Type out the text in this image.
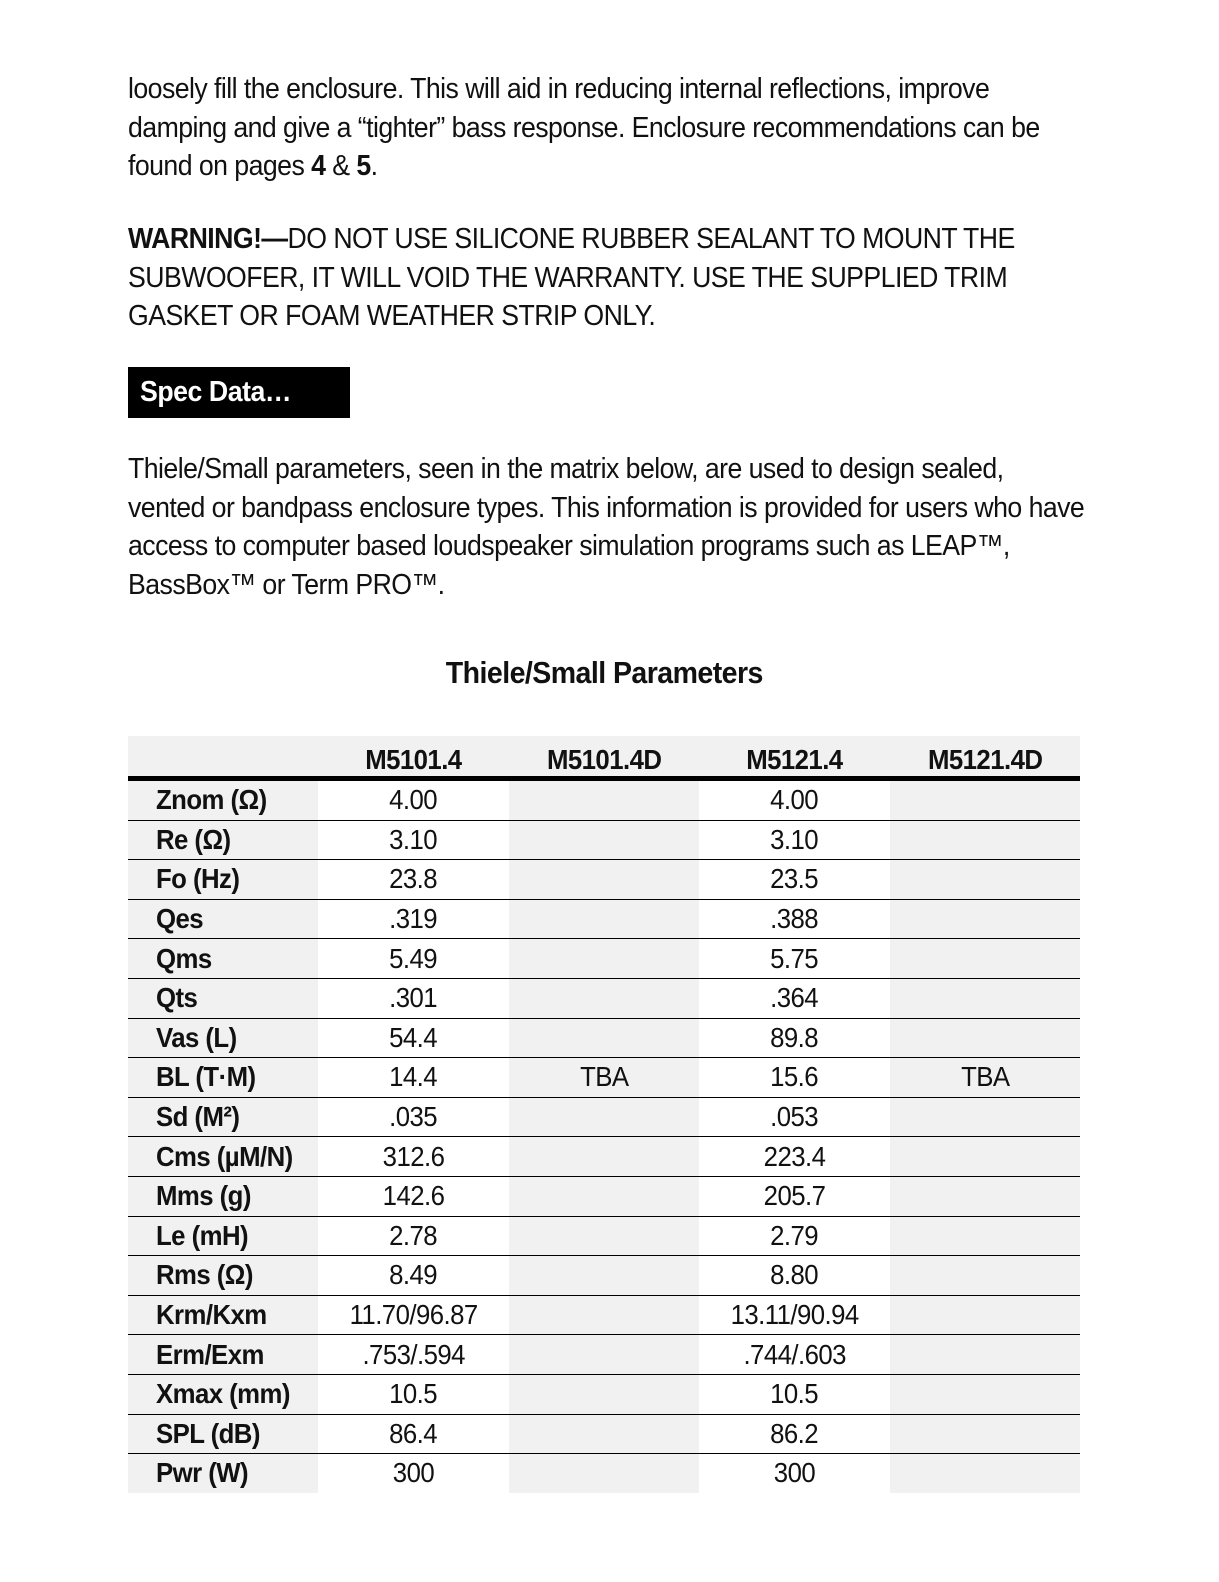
loosely fill the enclosure. This will aid in reducing internal reflections, improve damping and give a “tighter” bass response. Enclosure recommendations can be found on pages 4 & 5.

WARNING!—DO NOT USE SILICONE RUBBER SEALANT TO MOUNT THE SUBWOOFER, IT WILL VOID THE WARRANTY. USE THE SUPPLIED TRIM GASKET OR FOAM WEATHER STRIP ONLY.

Spec Data…

Thiele/Small parameters, seen in the matrix below, are used to design sealed, vented or bandpass enclosure types. This information is provided for users who have access to computer based loudspeaker simulation programs such as LEAP™, BassBox™ or Term PRO™.

Thiele/Small Parameters
	M5101.4	M5101.4D	M5121.4	M5121.4D
Znom (Ω)	4.00		4.00	
Re (Ω)	3.10		3.10	
Fo (Hz)	23.8		23.5	
Qes	.319		.388	
Qms	5.49		5.75	
Qts	.301		.364	
Vas (L)	54.4		89.8	
BL (T·M)	14.4	TBA	15.6	TBA
Sd (M²)	.035		.053	
Cms (µM/N)	312.6		223.4	
Mms (g)	142.6		205.7	
Le (mH)	2.78		2.79	
Rms (Ω)	8.49		8.80	
Krm/Kxm	11.70/96.87		13.11/90.94	
Erm/Exm	.753/.594		.744/.603	
Xmax (mm)	10.5		10.5	
SPL (dB)	86.4		86.2	
Pwr (W)	300		300	
